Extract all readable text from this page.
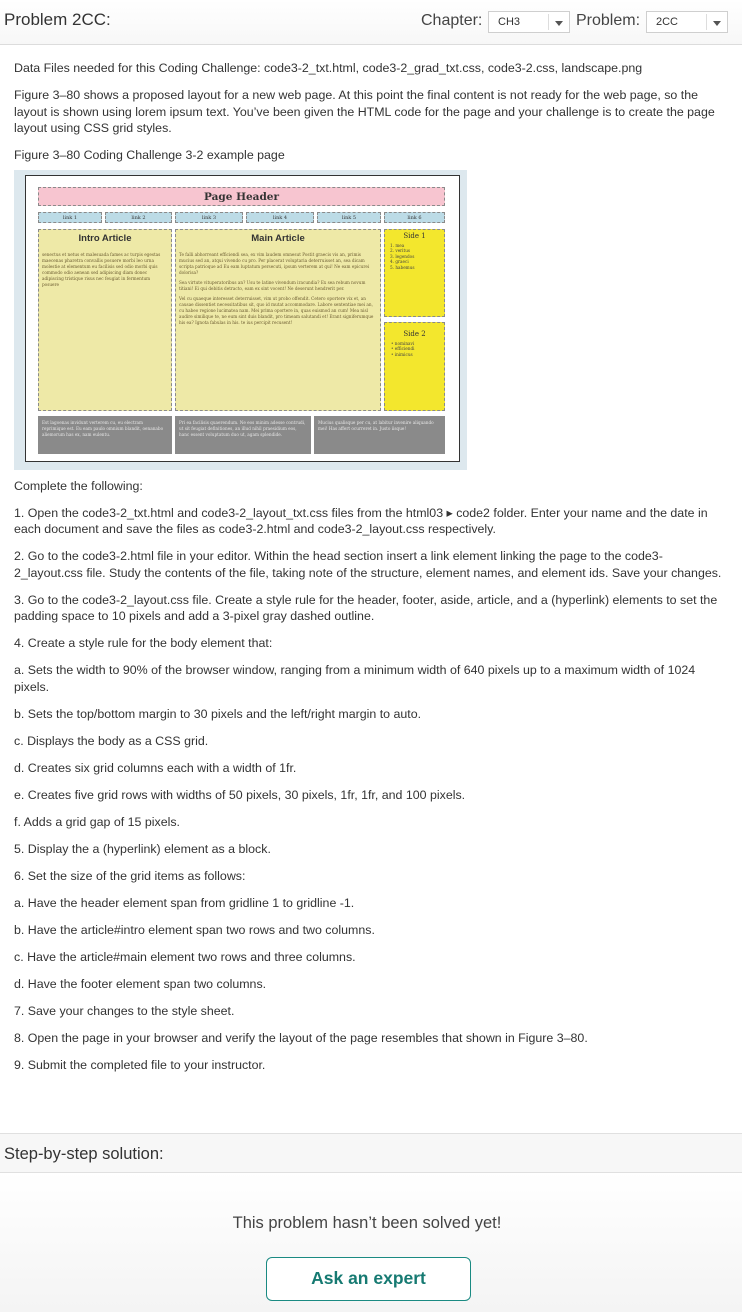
Problem 2CC:	Chapter: CH3	Problem: 2CC

Data Files needed for this Coding Challenge: code3-2_txt.html, code3-2_grad_txt.css, code3-2.css, landscape.png

Figure 3–80 shows a proposed layout for a new web page. At this point the final content is not ready for the web page, so the layout is shown using lorem ipsum text. You’ve been given the HTML code for the page and your challenge is to create the page layout using CSS grid styles.

Figure 3–80 Coding Challenge 3-2 example page

Page Header
link 1	link 2	link 3	link 4	link 5	link 6
Intro Article
senectus et netus et malesuada fames ac turpis egestas maecenas pharetra convallis posuere morbi leo urna molestie at elementum eu facilisis sed odio morbi quis commodo odio aenean sed adipiscing diam donec adipiscing tristique risus nec feugiat in fermentum posuere
Main Article
Te falli abhorreant efficiendi sea, ex vim laudem omnesut Postit graecis vis an, primis mucius sed an, atqui vivendo cu pro. Per placerat voluptaria deterruisset an, sea dicam scripta patrioque ad Eu eam luptatum persecuti, ipsum verterem at qui! Ne eam epicurei dolorisa?
Sea virtute vituperatoribus an? Usu te latine vivendum iracundia? Ex sea rebum novum titiani! Ei qui debitis detracto, eam ex sint vocent! Ne deserunt hendrerit per.
Vel cu quaeque interesset deterruisset, vim ut probo offendit. Cetero oportere vix et, an causae dissentiet necessitatibus sit, quo id mutat accommodare. Labore sententiae mei an, cu habeo regione lucimatea nam. Mei prima oportere in, quas euismod an cum! Mea nisl audire similique te, ne eum sint duis blandit, pro timeam salutandi et! Erant signiferumque his ea? Ignota fabulas in his. te ius percipit recusent!
Side 1
1. mea
2. veritus
3. legendos
4. graeci
5. habemus
Side 2
• nominavi
• efficiendi
• inimicus
Est lagoenas invidunt verterem cu, eu electram reprimique est. Eu eam paulo omnium blandit, oenanabo aliemorum has ex, nam eulentu.
Pri ea facilisis quaerendum. Ne eos minim adesse contrudi, ut sit feugiat definitiones, an illud nihil praesidium eos, hanc essent voluptatum duo ut, agam splendide.
Mucius qualisque per cu, at labitur invenire aliquando mei! Has affert ocurreret in. Justo iisque!

Complete the following:

1. Open the code3-2_txt.html and code3-2_layout_txt.css files from the html03 ▸ code2 folder. Enter your name and the date in each document and save the files as code3-2.html and code3-2_layout.css respectively.

2. Go to the code3-2.html file in your editor. Within the head section insert a link element linking the page to the code3-2_layout.css file. Study the contents of the file, taking note of the structure, element names, and element ids. Save your changes.

3. Go to the code3-2_layout.css file. Create a style rule for the header, footer, aside, article, and a (hyperlink) elements to set the padding space to 10 pixels and add a 3-pixel gray dashed outline.

4. Create a style rule for the body element that:

a. Sets the width to 90% of the browser window, ranging from a minimum width of 640 pixels up to a maximum width of 1024 pixels.

b. Sets the top/bottom margin to 30 pixels and the left/right margin to auto.

c. Displays the body as a CSS grid.

d. Creates six grid columns each with a width of 1fr.

e. Creates five grid rows with widths of 50 pixels, 30 pixels, 1fr, 1fr, and 100 pixels.

f. Adds a grid gap of 15 pixels.

5. Display the a (hyperlink) element as a block.

6. Set the size of the grid items as follows:

a. Have the header element span from gridline 1 to gridline -1.

b. Have the article#intro element span two rows and two columns.

c. Have the article#main element two rows and three columns.

d. Have the footer element span two columns.

7. Save your changes to the style sheet.

8. Open the page in your browser and verify the layout of the page resembles that shown in Figure 3–80.

9. Submit the completed file to your instructor.

Step-by-step solution:
This problem hasn’t been solved yet!
Ask an expert
